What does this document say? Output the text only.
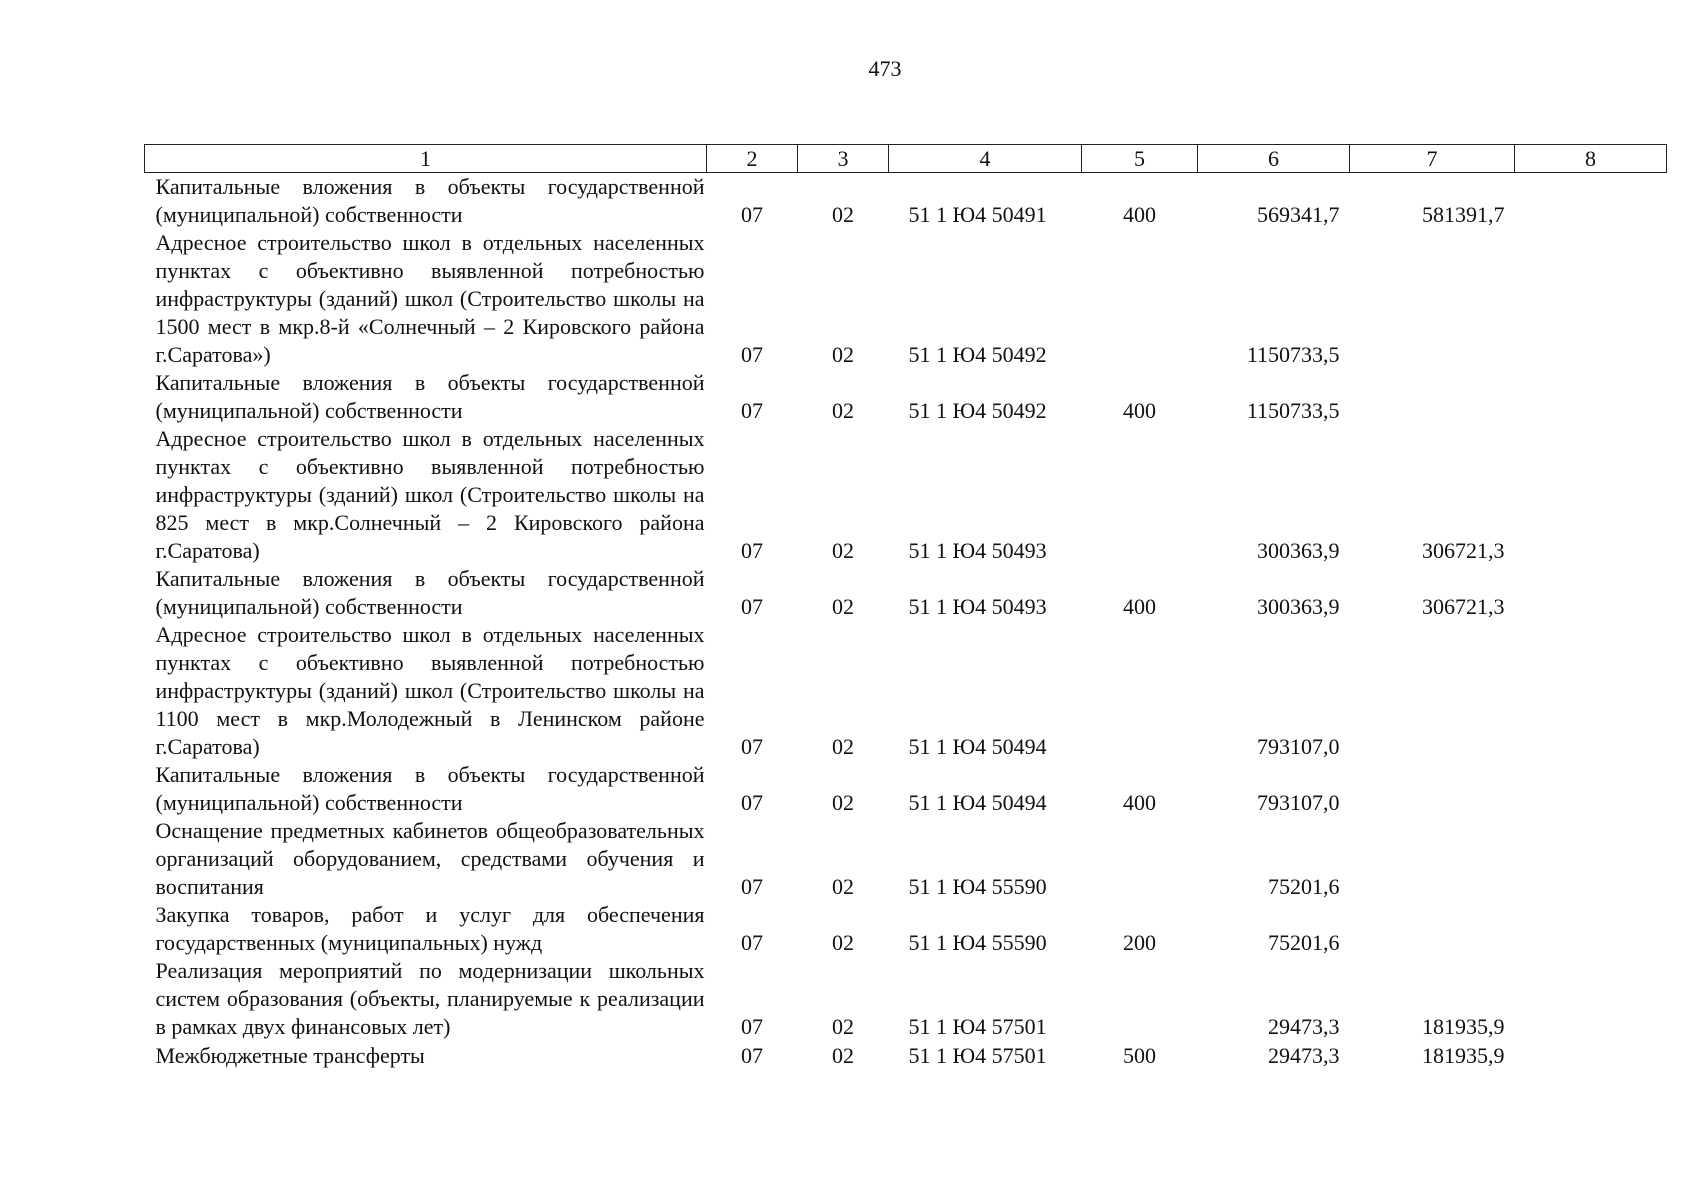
473
1	2	3	4	5	6	7	8
Капитальные вложения в объекты государственной (муниципальной) собственности	07	02	51 1 Ю4 50491	400	569341,7	581391,7	
Адресное строительство школ в отдельных населенных пунктах с объективно выявленной потребностью инфраструктуры (зданий) школ (Строительство школы на 1500 мест в мкр.8-й «Солнечный – 2 Кировского района г.Саратова»)	07	02	51 1 Ю4 50492		1150733,5		
Капитальные вложения в объекты государственной (муниципальной) собственности	07	02	51 1 Ю4 50492	400	1150733,5		
Адресное строительство школ в отдельных населенных пунктах с объективно выявленной потребностью инфраструктуры (зданий) школ (Строительство школы на 825 мест в мкр.Солнечный – 2 Кировского района г.Саратова)	07	02	51 1 Ю4 50493		300363,9	306721,3	
Капитальные вложения в объекты государственной (муниципальной) собственности	07	02	51 1 Ю4 50493	400	300363,9	306721,3	
Адресное строительство школ в отдельных населенных пунктах с объективно выявленной потребностью инфраструктуры (зданий) школ (Строительство школы на 1100 мест в мкр.Молодежный в Ленинском районе г.Саратова)	07	02	51 1 Ю4 50494		793107,0		
Капитальные вложения в объекты государственной (муниципальной) собственности	07	02	51 1 Ю4 50494	400	793107,0		
Оснащение предметных кабинетов общеобразовательных организаций оборудованием, средствами обучения и воспитания	07	02	51 1 Ю4 55590		75201,6		
Закупка товаров, работ и услуг для обеспечения государственных (муниципальных) нужд	07	02	51 1 Ю4 55590	200	75201,6		
Реализация мероприятий по модернизации школьных систем образования (объекты, планируемые к реализации в рамках двух финансовых лет)	07	02	51 1 Ю4 57501		29473,3	181935,9	
Межбюджетные трансферты	07	02	51 1 Ю4 57501	500	29473,3	181935,9	
